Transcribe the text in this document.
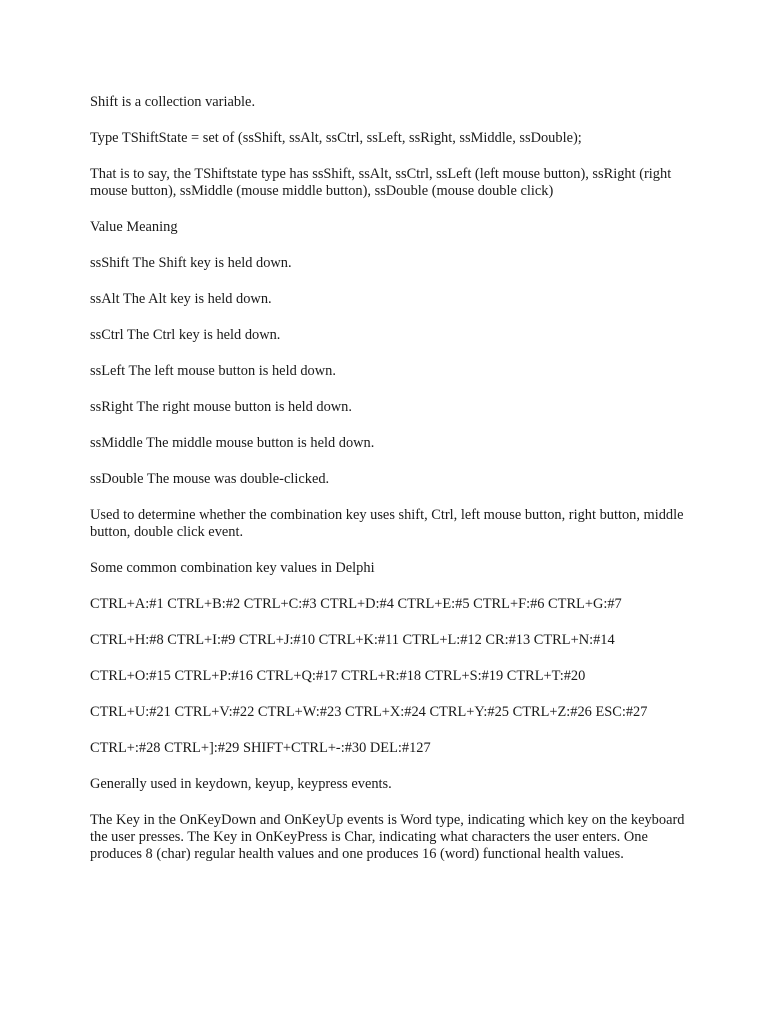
Shift is a collection variable.

Type TShiftState = set of (ssShift, ssAlt, ssCtrl, ssLeft, ssRight, ssMiddle, ssDouble);

That is to say, the TShiftstate type has ssShift, ssAlt, ssCtrl, ssLeft (left mouse button), ssRight (right mouse button), ssMiddle (mouse middle button), ssDouble (mouse double click)

Value Meaning

ssShift The Shift key is held down.

ssAlt The Alt key is held down.

ssCtrl The Ctrl key is held down.

ssLeft The left mouse button is held down.

ssRight The right mouse button is held down.

ssMiddle The middle mouse button is held down.

ssDouble The mouse was double-clicked.

Used to determine whether the combination key uses shift, Ctrl, left mouse button, right button, middle button, double click event.

Some common combination key values in Delphi

CTRL+A:#1 CTRL+B:#2 CTRL+C:#3 CTRL+D:#4 CTRL+E:#5 CTRL+F:#6 CTRL+G:#7

CTRL+H:#8 CTRL+I:#9 CTRL+J:#10 CTRL+K:#11 CTRL+L:#12 CR:#13 CTRL+N:#14

CTRL+O:#15 CTRL+P:#16 CTRL+Q:#17 CTRL+R:#18 CTRL+S:#19 CTRL+T:#20

CTRL+U:#21 CTRL+V:#22 CTRL+W:#23 CTRL+X:#24 CTRL+Y:#25 CTRL+Z:#26 ESC:#27

CTRL+:#28 CTRL+]:#29 SHIFT+CTRL+-:#30 DEL:#127

Generally used in keydown, keyup, keypress events.

The Key in the OnKeyDown and OnKeyUp events is Word type, indicating which key on the keyboard the user presses. The Key in OnKeyPress is Char, indicating what characters the user enters. One produces 8 (char) regular health values and one produces 16 (word) functional health values.
